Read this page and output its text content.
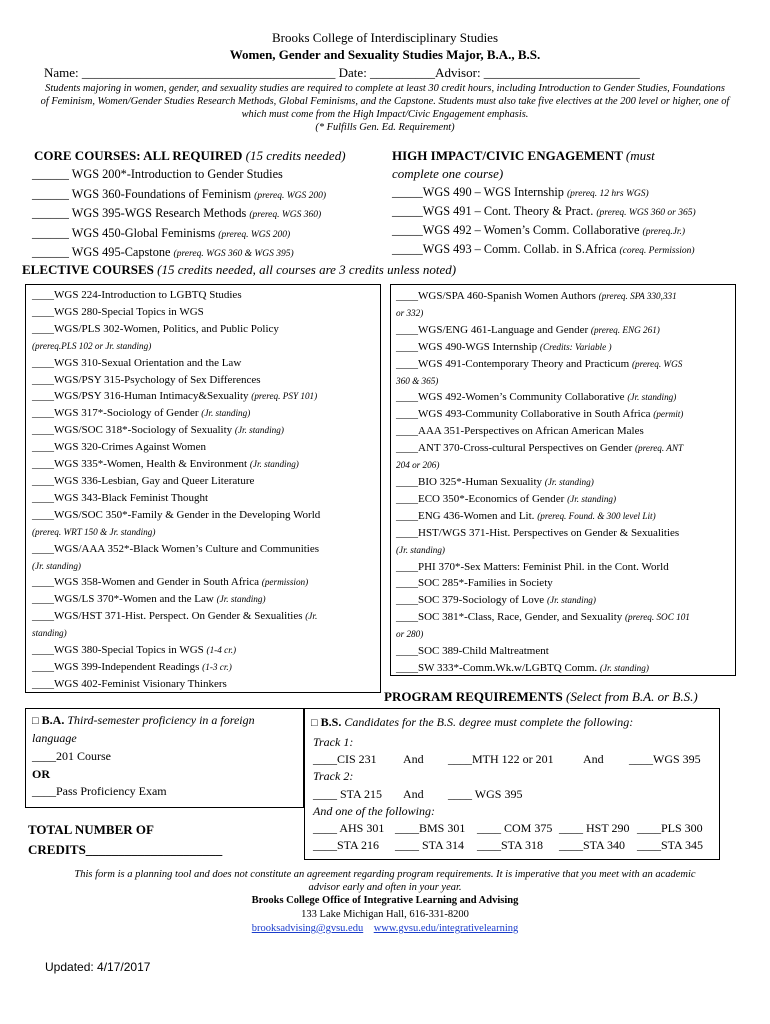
Brooks College of Interdisciplinary Studies
Women, Gender and Sexuality Studies Major, B.A., B.S.
Name: _______________________________________ Date: __________Advisor: ________________________
Students majoring in women, gender, and sexuality studies are required to complete at least 30 credit hours, including Introduction to Gender Studies, Foundations of Feminism, Women/Gender Studies Research Methods, Global Feminisms, and the Capstone. Students must also take five electives at the 200 level or higher, one of which must come from the High Impact/Civic Engagement emphasis.
(* Fulfills Gen. Ed. Requirement)
CORE COURSES: ALL REQUIRED (15 credits needed)
______ WGS 200*-Introduction to Gender Studies
______ WGS 360-Foundations of Feminism (prereq. WGS 200)
______ WGS 395-WGS Research Methods (prereq. WGS 360)
______ WGS 450-Global Feminisms (prereq. WGS 200)
______ WGS 495-Capstone (prereq. WGS 360 & WGS 395)
HIGH IMPACT/CIVIC ENGAGEMENT (must
complete one course)
_____WGS 490 – WGS Internship (prereq. 12 hrs WGS)
_____WGS 491 – Cont. Theory & Pract. (prereq. WGS 360 or 365)
_____WGS 492 – Women’s Comm. Collaborative (prereq.Jr.)
_____WGS 493 – Comm. Collab. in S.Africa (coreq. Permission)
ELECTIVE COURSES (15 credits needed, all courses are 3 credits unless noted)
____WGS 224-Introduction to LGBTQ Studies
____WGS 280-Special Topics in WGS
____WGS/PLS 302-Women, Politics, and Public Policy
(prereq.PLS 102 or Jr. standing)
____WGS 310-Sexual Orientation and the Law
____WGS/PSY 315-Psychology of Sex Differences
____WGS/PSY 316-Human Intimacy&Sexuality (prereq. PSY 101)
____WGS 317*-Sociology of Gender (Jr. standing)
____WGS/SOC 318*-Sociology of Sexuality (Jr. standing)
____WGS 320-Crimes Against Women
____WGS 335*-Women, Health & Environment (Jr. standing)
____WGS 336-Lesbian, Gay and Queer Literature
____WGS 343-Black Feminist Thought
____WGS/SOC 350*-Family & Gender in the Developing World
(prereq. WRT 150 & Jr. standing)
____WGS/AAA 352*-Black Women’s Culture and Communities
(Jr. standing)
____WGS 358-Women and Gender in South Africa (permission)
____WGS/LS 370*-Women and the Law (Jr. standing)
____WGS/HST 371-Hist. Perspect. On Gender & Sexualities (Jr.
standing)
____WGS 380-Special Topics in WGS (1-4 cr.)
____WGS 399-Independent Readings (1-3 cr.)
____WGS 402-Feminist Visionary Thinkers
____WGS/SPA 460-Spanish Women Authors (prereq. SPA 330,331
or 332)
____WGS/ENG 461-Language and Gender (prereq. ENG 261)
____WGS 490-WGS Internship (Credits: Variable )
____WGS 491-Contemporary Theory and Practicum (prereq. WGS
360 & 365)
____WGS 492-Women’s Community Collaborative (Jr. standing)
____WGS 493-Community Collaborative in South Africa (permit)
____AAA 351-Perspectives on African American Males
____ANT 370-Cross-cultural Perspectives on Gender (prereq. ANT
204 or 206)
____BIO 325*-Human Sexuality (Jr. standing)
____ECO 350*-Economics of Gender (Jr. standing)
____ENG 436-Women and Lit. (prereq. Found. & 300 level Lit)
____HST/WGS 371-Hist. Perspectives on Gender & Sexualities
(Jr. standing)
____PHI 370*-Sex Matters: Feminist Phil. in the Cont. World
____SOC 285*-Families in Society
____SOC 379-Sociology of Love (Jr. standing)
____SOC 381*-Class, Race, Gender, and Sexuality (prereq. SOC 101
or 280)
____SOC 389-Child Maltreatment
____SW 333*-Comm.Wk.w/LGBTQ Comm. (Jr. standing)
PROGRAM REQUIREMENTS (Select from B.A. or B.S.)
□ B.A. Third-semester proficiency in a foreign
language
____201 Course
OR
____Pass Proficiency Exam
TOTAL NUMBER OF
CREDITS_____________________
□ B.S. Candidates for the B.S. degree must complete the following:
Track 1:
____CIS 231 And ____MTH 122 or 201 And ____WGS 395
Track 2:
____ STA 215 And ____ WGS 395
And one of the following:
____ AHS 301 ____BMS 301 ____ COM 375 ____ HST 290 ____PLS 300
____STA 216 ____ STA 314 ____STA 318 ____STA 340 ____STA 345
This form is a planning tool and does not constitute an agreement regarding program requirements. It is imperative that you meet with an academic
advisor early and often in your year.
Brooks College Office of Integrative Learning and Advising
133 Lake Michigan Hall, 616-331-8200
brooksadvising@gvsu.edu www.gvsu.edu/integrativelearning
Updated: 4/17/2017
